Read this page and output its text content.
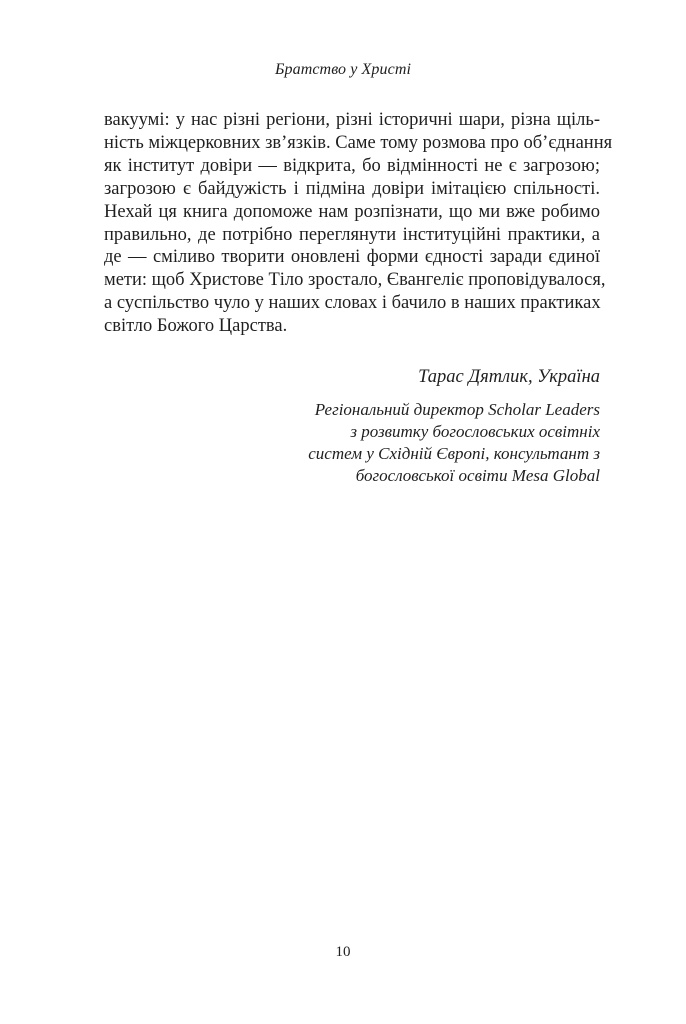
Братство у Христі
вакуумі: у нас різні регіони, різні історичні шари, різна щіль-
ність міжцерковних зв’язків. Саме тому розмова про об’єднання
як інститут довіри — відкрита, бо відмінності не є загрозою;
загрозою є байдужість і підміна довіри імітацією спільності.
Нехай ця книга допоможе нам розпізнати, що ми вже робимо
правильно, де потрібно переглянути інституційні практики, а
де — сміливо творити оновлені форми єдності заради єдиної
мети: щоб Христове Тіло зростало, Євангеліє проповідувалося,
а суспільство чуло у наших словах і бачило в наших практиках
світло Божого Царства.
Тарас Дятлик, Україна
Регіональний директор Scholar Leaders
з розвитку богословських освітніх
систем у Східній Європі, консультант з
богословської освіти Mesa Global
10
